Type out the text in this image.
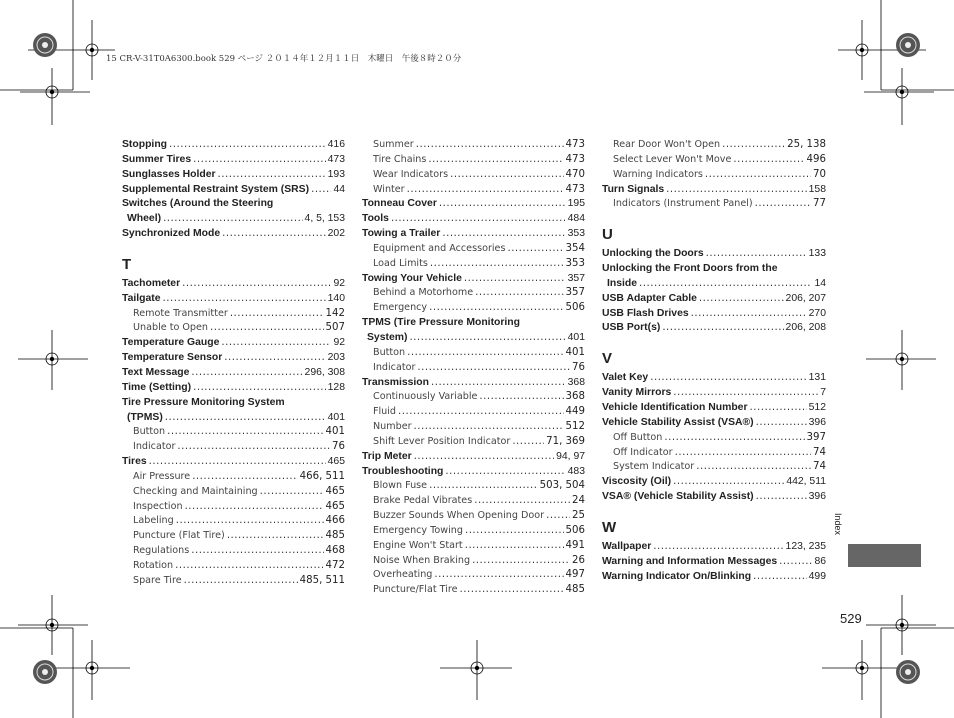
15 CR-V-31T0A6300.book 529 ページ ２０１４年１２月１１日　木曜日　午後８時２０分
Stopping .....	416
Summer Tires .....	473
Sunglasses Holder .....	193
Supplemental Restraint System (SRS) ..... 44
Switches (Around the Steering
Wheel) .....	4, 5, 153
Synchronized Mode .....	202
T
Tachometer .....	92
Tailgate .....	140
Remote Transmitter .....	142
Unable to Open .....	507
Temperature Gauge .....	92
Temperature Sensor .....	203
Text Message .....	296, 308
Time (Setting) .....	128
Tire Pressure Monitoring System
(TPMS) .....	401
Button .....	401
Indicator .....	76
Tires .....	465
Air Pressure .....	466, 511
Checking and Maintaining .....	465
Inspection .....	465
Labeling .....	466
Puncture (Flat Tire) .....	485
Regulations .....	468
Rotation .....	472
Spare Tire .....	485, 511
Summer .....	473
Tire Chains .....	473
Wear Indicators .....	470
Winter .....	473
Tonneau Cover .....	195
Tools .....	484
Towing a Trailer .....	353
Equipment and Accessories .....	354
Load Limits .....	353
Towing Your Vehicle .....	357
Behind a Motorhome .....	357
Emergency .....	506
TPMS (Tire Pressure Monitoring
System) .....	401
Button .....	401
Indicator .....	76
Transmission .....	368
Continuously Variable .....	368
Fluid .....	449
Number .....	512
Shift Lever Position Indicator .....	71, 369
Trip Meter .....	94, 97
Troubleshooting .....	483
Blown Fuse .....	503, 504
Brake Pedal Vibrates .....	24
Buzzer Sounds When Opening Door .....	25
Emergency Towing .....	506
Engine Won't Start .....	491
Noise When Braking .....	26
Overheating .....	497
Puncture/Flat Tire .....	485
Rear Door Won't Open .....	25, 138
Select Lever Won't Move .....	496
Warning Indicators .....	70
Turn Signals .....	158
Indicators (Instrument Panel) .....	77
U
Unlocking the Doors .....	133
Unlocking the Front Doors from the
Inside .....	14
USB Adapter Cable .....	206, 207
USB Flash Drives .....	270
USB Port(s) .....	206, 208
V
Valet Key .....	131
Vanity Mirrors .....	7
Vehicle Identification Number .....	512
Vehicle Stability Assist (VSA®) .....	396
Off Button .....	397
Off Indicator .....	74
System Indicator .....	74
Viscosity (Oil) .....	442, 511
VSA® (Vehicle Stability Assist) .....	396
W
Wallpaper .....	123, 235
Warning and Information Messages .....	86
Warning Indicator On/Blinking .....	499
Index
529
